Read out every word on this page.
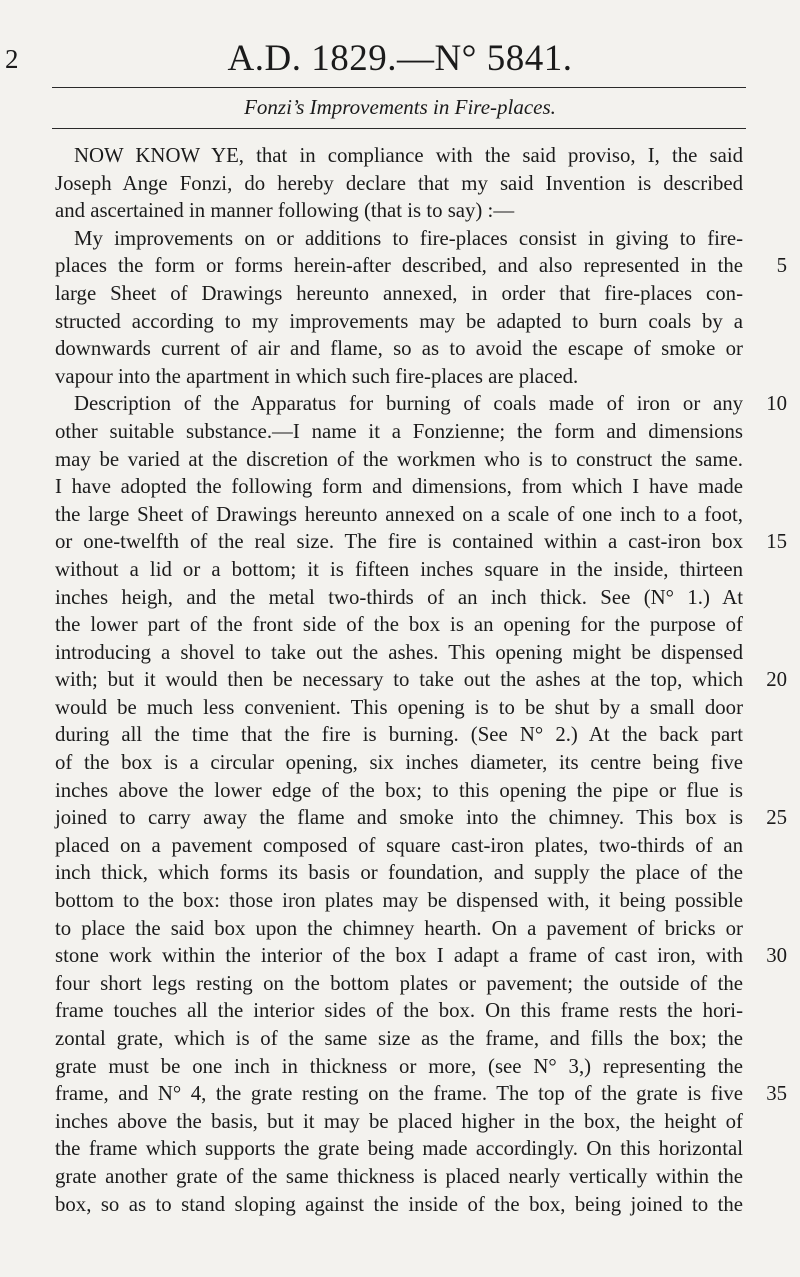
2	A.D. 1829.—N° 5841.
Fonzi’s Improvements in Fire-places.
NOW KNOW YE, that in compliance with the said proviso, I, the said
Joseph Ange Fonzi, do hereby declare that my said Invention is described
and ascertained in manner following (that is to say) :—
My improvements on or additions to fire-places consist in giving to fire-
places the form or forms herein-after described, and also represented in the
large Sheet of Drawings hereunto annexed, in order that fire-places con-
structed according to my improvements may be adapted to burn coals by a
downwards current of air and flame, so as to avoid the escape of smoke or
vapour into the apartment in which such fire-places are placed.
Description of the Apparatus for burning of coals made of iron or any
other suitable substance.—I name it a Fonzienne; the form and dimensions
may be varied at the discretion of the workmen who is to construct the same.
I have adopted the following form and dimensions, from which I have made
the large Sheet of Drawings hereunto annexed on a scale of one inch to a foot,
or one-twelfth of the real size. The fire is contained within a cast-iron box
without a lid or a bottom; it is fifteen inches square in the inside, thirteen
inches heigh, and the metal two-thirds of an inch thick. See (N° 1.) At
the lower part of the front side of the box is an opening for the purpose of
introducing a shovel to take out the ashes. This opening might be dispensed
with; but it would then be necessary to take out the ashes at the top, which
would be much less convenient. This opening is to be shut by a small door
during all the time that the fire is burning. (See N° 2.) At the back part
of the box is a circular opening, six inches diameter, its centre being five
inches above the lower edge of the box; to this opening the pipe or flue is
joined to carry away the flame and smoke into the chimney. This box is
placed on a pavement composed of square cast-iron plates, two-thirds of an
inch thick, which forms its basis or foundation, and supply the place of the
bottom to the box: those iron plates may be dispensed with, it being possible
to place the said box upon the chimney hearth. On a pavement of bricks or
stone work within the interior of the box I adapt a frame of cast iron, with
four short legs resting on the bottom plates or pavement; the outside of the
frame touches all the interior sides of the box. On this frame rests the hori-
zontal grate, which is of the same size as the frame, and fills the box; the
grate must be one inch in thickness or more, (see N° 3,) representing the
frame, and N° 4, the grate resting on the frame. The top of the grate is five
inches above the basis, but it may be placed higher in the box, the height of
the frame which supports the grate being made accordingly. On this horizontal
grate another grate of the same thickness is placed nearly vertically within the
box, so as to stand sloping against the inside of the box, being joined to the
5
10
15
20
25
30
35
